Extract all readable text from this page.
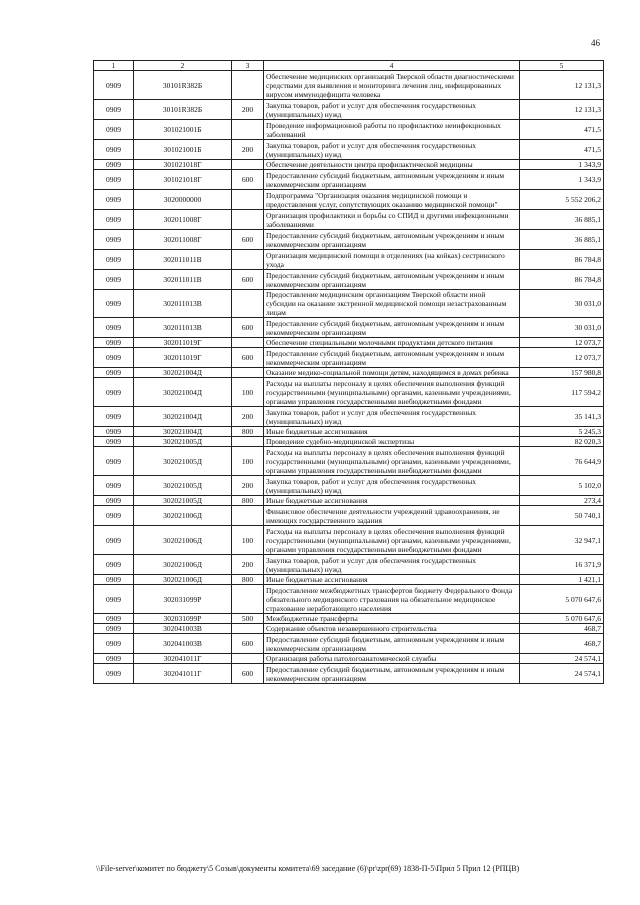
46
1	2	3	4	5
0909	30101R382Б		Обеспечение медицинских организаций Тверской области диагностическими средствами для выявления и мониторинга лечения лиц, инфицированных вирусом иммунодефицита человека	12 131,3
0909	30101R382Б	200	Закупка товаров, работ и услуг для обеспечения государственных (муниципальных) нужд	12 131,3
0909	301021001Б		Проведение информационной работы по профилактике неинфекционных заболеваний	471,5
0909	301021001Б	200	Закупка товаров, работ и услуг для обеспечения государственных (муниципальных) нужд	471,5
0909	301021018Г		Обеспечение деятельности центра профилактической медицины	1 343,9
0909	301021018Г	600	Предоставление субсидий бюджетным, автономным учреждениям и иным некоммерческим организациям	1 343,9
0909	3020000000		Подпрограмма "Организация оказания медицинской помощи и предоставления услуг, сопутствующих оказанию медицинской помощи"	5 552 206,2
0909	302011008Г		Организация профилактики и борьбы со СПИД и другими инфекционными заболеваниями	36 885,1
0909	302011008Г	600	Предоставление субсидий бюджетным, автономным учреждениям и иным некоммерческим организациям	36 885,1
0909	302011011В		Организация медицинской помощи в отделениях (на койках) сестринского ухода	86 784,8
0909	302011011В	600	Предоставление субсидий бюджетным, автономным учреждениям и иным некоммерческим организациям	86 784,8
0909	302011013В		Предоставление медицинским организациям Тверской области иной субсидии на оказание экстренной медицинской помощи незастрахованным лицам	30 031,0
0909	302011013В	600	Предоставление субсидий бюджетным, автономным учреждениям и иным некоммерческим организациям	30 031,0
0909	302011019Г		Обеспечение специальными молочными продуктами детского питания	12 073,7
0909	302011019Г	600	Предоставление субсидий бюджетным, автономным учреждениям и иным некоммерческим организациям	12 073,7
0909	302021004Д		Оказание медико-социальной помощи детям, находящимся в домах ребенка	157 980,8
0909	302021004Д	100	Расходы на выплаты персоналу в целях обеспечения выполнения функций государственными (муниципальными) органами, казенными учреждениями, органами управления государственными внебюджетными фондами	117 594,2
0909	302021004Д	200	Закупка товаров, работ и услуг для обеспечения государственных (муниципальных) нужд	35 141,3
0909	302021004Д	800	Иные бюджетные ассигнования	5 245,3
0909	302021005Д		Проведение судебно-медицинской экспертизы	82 020,3
0909	302021005Д	100	Расходы на выплаты персоналу в целях обеспечения выполнения функций государственными (муниципальными) органами, казенными учреждениями, органами управления государственными внебюджетными фондами	76 644,9
0909	302021005Д	200	Закупка товаров, работ и услуг для обеспечения государственных (муниципальных) нужд	5 102,0
0909	302021005Д	800	Иные бюджетные ассигнования	273,4
0909	302021006Д		Финансовое обеспечение деятельности учреждений здравоохранения, не имеющих государственного задания	50 740,1
0909	302021006Д	100	Расходы на выплаты персоналу в целях обеспечения выполнения функций государственными (муниципальными) органами, казенными учреждениями, органами управления государственными внебюджетными фондами	32 947,1
0909	302021006Д	200	Закупка товаров, работ и услуг для обеспечения государственных (муниципальных) нужд	16 371,9
0909	302021006Д	800	Иные бюджетные ассигнования	1 421,1
0909	302031099Р		Предоставление межбюджетных трансфертов бюджету Федерального Фонда обязательного медицинского страхования на обязательное медицинское страхование неработающего населения	5 070 647,6
0909	302031099Р	500	Межбюджетные трансферты	5 070 647,6
0909	302041003В		Содержание объектов незавершенного строительства	468,7
0909	302041003В	600	Предоставление субсидий бюджетным, автономным учреждениям и иным некоммерческим организациям	468,7
0909	302041011Г		Организация работы патологоанатомической службы	24 574,1
0909	302041011Г	600	Предоставление субсидий бюджетным, автономным учреждениям и иным некоммерческим организациям	24 574,1
\\File-server\комитет по бюджету\5 Созыв\документы комитета\69 заседание (6)\pr\zpr(69) 1838-П-5\Прил 5 Прил 12 (РПЦВ)
